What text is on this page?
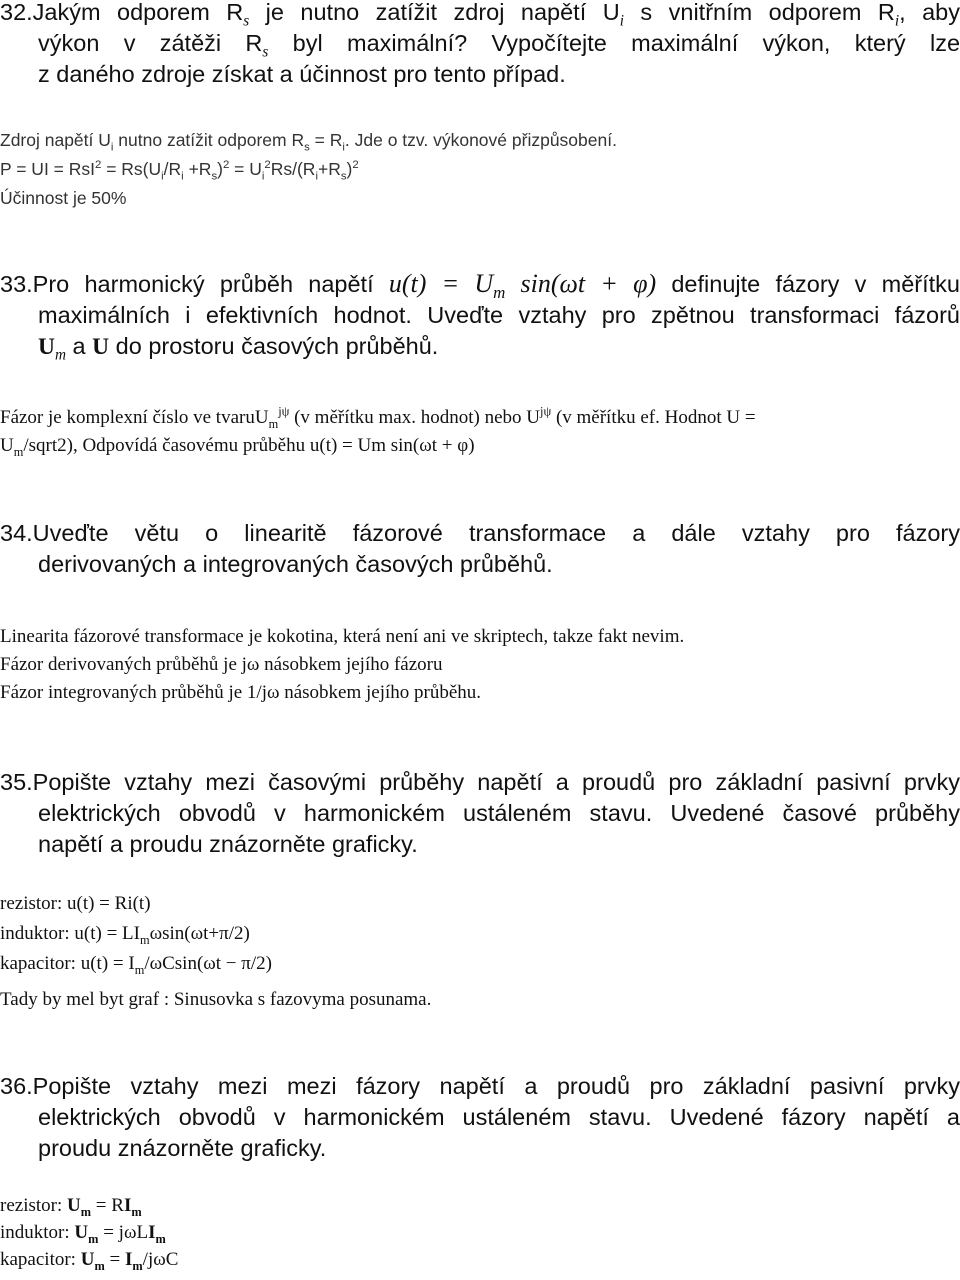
32.Jakým odporem $R_s$ je nutno zatížit zdroj napětí $U_i$ s vnitřním odporem $R_i$, aby
výkon v zátěži $R_s$ byl maximální? Vypočítejte maximální výkon, který lze
z daného zdroje získat a účinnost pro tento případ.
Zdroj napětí $U_i$ nutno zatížit odporem $R_s = R_i$. Jde o tzv. výkonové přizpůsobení.
P = UI = $RsI^2 = Rs(U_i/R_i +R_s)^2 = U_i^2Rs/(R_i+R_s)^2$
Účinnost je 50%
33.Pro harmonický průběh napětí $u(t) = U_m$ sin(ωt + φ) definujte fázory v měřítku
maximálních i efektivních hodnot. Uveďte vztahy pro zpětnou transformaci fázorů
$U_m$ a U do prostoru časových průběhů.
Fázor je komplexní číslo ve tvaruU$_m^{j\psi}$ (v měřítku max. hodnot) nebo $U^{j\psi}$ (v měřítku ef. Hodnot U =
$U_m/sqrt2$), Odpovídá časovému průběhu u(t) = Um sin(ωt + φ)
34.Uveďte větu o linearitě fázorové transformace a dále vztahy pro fázory
derivovaných a integrovaných časových průběhů.
Linearita fázorové transformace je kokotina, která není ani ve skriptech, takze fakt nevim.
Fázor derivovaných průběhů je jω násobkem jejího fázoru
Fázor integrovaných průběhů je 1/jω násobkem jejího průběhu.
35.Popište vztahy mezi časovými průběhy napětí a proudů pro základní pasivní prvky
elektrických obvodů v harmonickém ustáleném stavu. Uvedené časové průběhy
napětí a proudu znázorněte graficky.
rezistor: u(t) = Ri(t)
induktor: $u(t) = LI_m\omega\sin(\omega t+\pi/2)$
kapacitor: $u(t) = I_m/\omega Csin(\omega t - \pi/2)$
Tady by mel byt graf : Sinusovka s fazovyma posunama.
36.Popište vztahy mezi mezi fázory napětí a proudů pro základní pasivní prvky
elektrických obvodů v harmonickém ustáleném stavu. Uvedené fázory napětí a
proudu znázorněte graficky.
rezistor: $U_m = RI_m$
induktor: $U_m = j\omega LI_m$
kapacitor: $U_m = I_m/j\omega C$
